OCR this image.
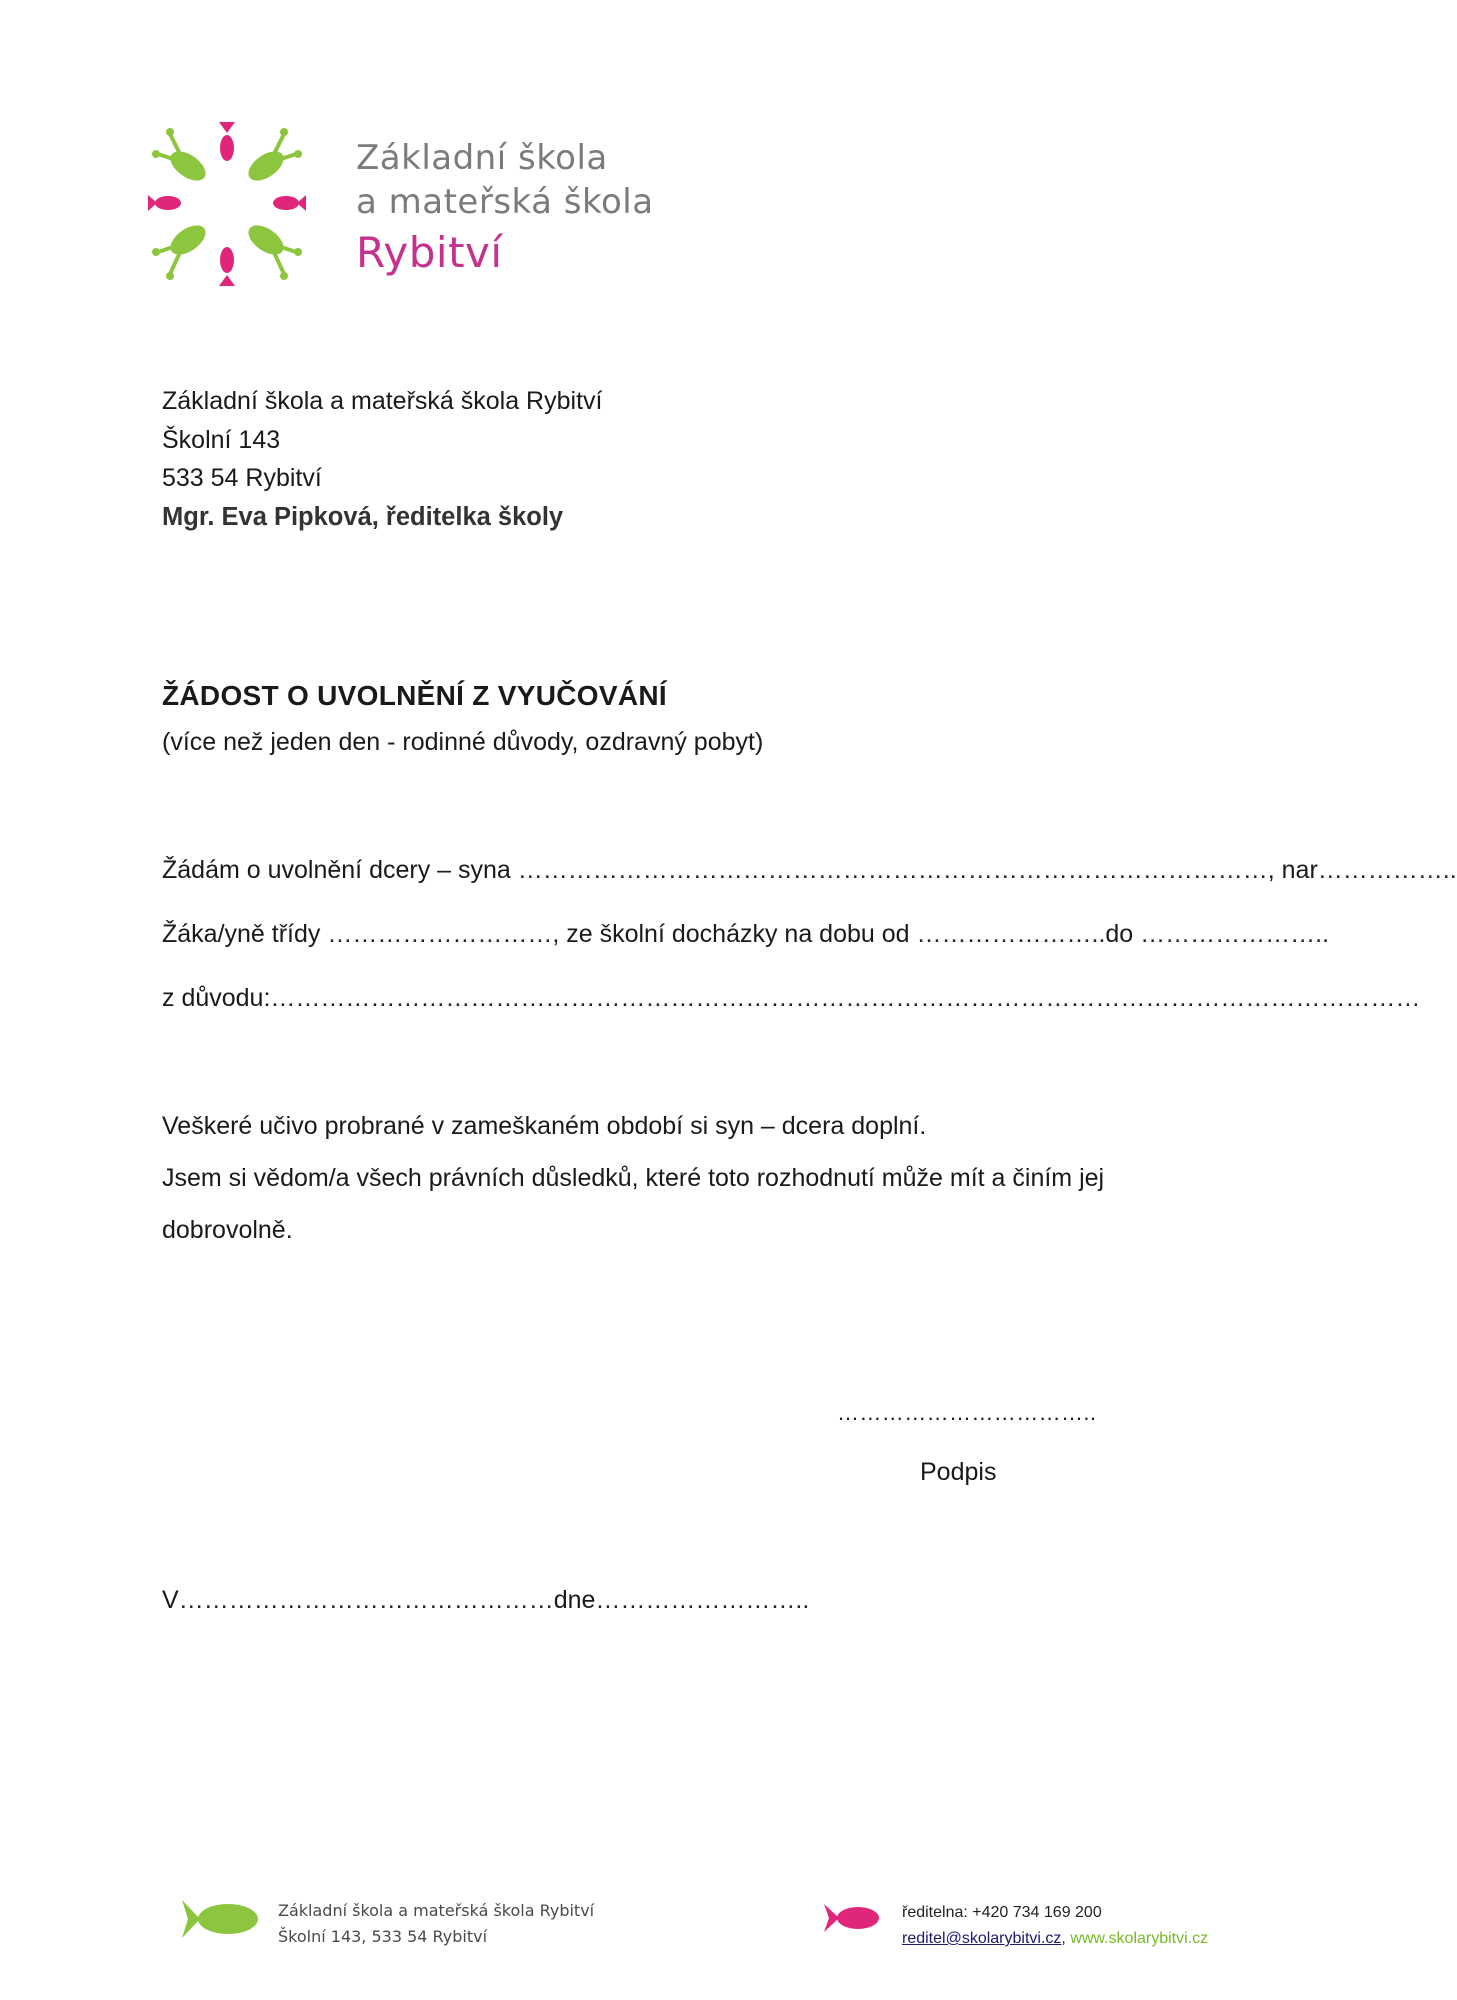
Základní škola
a mateřská škola
Rybitví
Základní škola a mateřská škola Rybitví
Školní 143
533 54 Rybitví
Mgr. Eva Pipková, ředitelka školy
ŽÁDOST O UVOLNĚNÍ Z VYUČOVÁNÍ
(více než jeden den - rodinné důvody, ozdravný pobyt)
Žádám o uvolnění dcery – syna ………………………………………………………………………………, nar……………..
Žáka/yně třídy ………………………, ze školní docházky na dobu od …………………..do …………………..
z důvodu:…………………………………………………………………………………………………………………………
Veškeré učivo probrané v zameškaném období si syn – dcera doplní.
Jsem si vědom/a všech právních důsledků, které toto rozhodnutí může mít a činím jej
dobrovolně.
……………………………..
Podpis
V………………………………………dne……………………..
Základní škola a mateřská škola Rybitví
Školní 143, 533 54 Rybitví
ředitelna: +420 734 169 200
reditel@skolarybitvi.cz, www.skolarybitvi.cz
